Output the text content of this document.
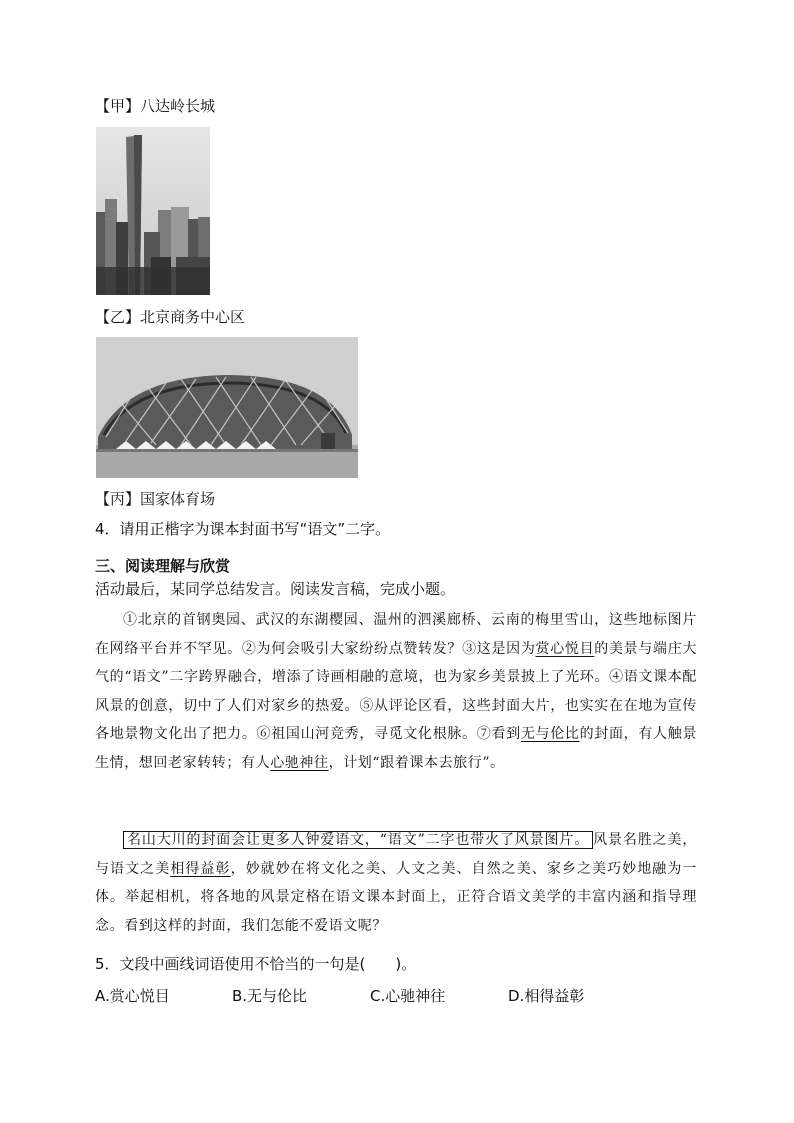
【甲】八达岭长城
【乙】北京商务中心区
【丙】国家体育场
4．请用正楷字为课本封面书写“语文”二字。
三、阅读理解与欣赏
活动最后，某同学总结发言。阅读发言稿，完成小题。
①北京的首钢奥园、武汉的东湖樱园、温州的泗溪廊桥、云南的梅里雪山，这些地标图片在网络平台并不罕见。②为何会吸引大家纷纷点赞转发？③这是因为赏心悦目的美景与端庄大气的“语文”二字跨界融合，增添了诗画相融的意境，也为家乡美景披上了光环。④语文课本配风景的创意，切中了人们对家乡的热爱。⑤从评论区看，这些封面大片，也实实在在地为宣传各地景物文化出了把力。⑥祖国山河竞秀，寻觅文化根脉。⑦看到无与伦比的封面，有人触景生情，想回老家转转；有人心驰神往，计划“跟着课本去旅行”。
名山大川的封面会让更多人钟爱语文，“语文”二字也带火了风景图片。 风景名胜之美，与语文之美相得益彰，妙就妙在将文化之美、人文之美、自然之美、家乡之美巧妙地融为一体。举起相机，将各地的风景定格在语文课本封面上，正符合语文美学的丰富内涵和指导理念。看到这样的封面，我们怎能不爱语文呢？
5．文段中画线词语使用不恰当的一句是(　　)。
A.赏心悦目	B.无与伦比	C.心驰神往	D.相得益彰
